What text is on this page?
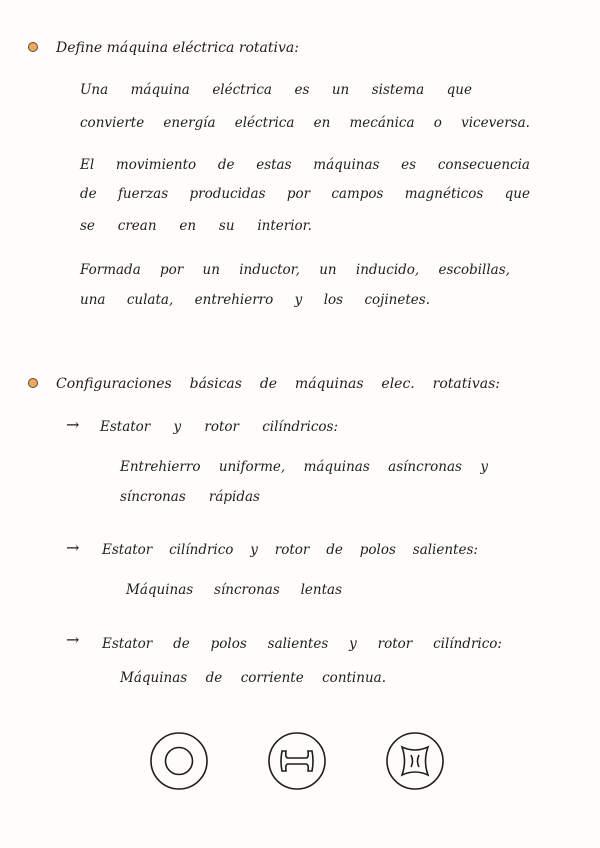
Define máquina eléctrica rotativa:
Una máquina eléctrica es un sistema que
convierte energía eléctrica en mecánica o viceversa.
El movimiento de estas máquinas es consecuencia
de fuerzas producidas por campos magnéticos que
se crean en su interior.
Formada por un inductor, un inducido, escobillas,
una culata, entrehierro y los cojinetes.
Configuraciones básicas de máquinas elec. rotativas:
→ Estator y rotor cilíndricos:
Entrehierro uniforme, máquinas asíncronas y
síncronas rápidas
→ Estator cilíndrico y rotor de polos salientes:
Máquinas síncronas lentas
→ Estator de polos salientes y rotor cilíndrico:
Máquinas de corriente continua.
